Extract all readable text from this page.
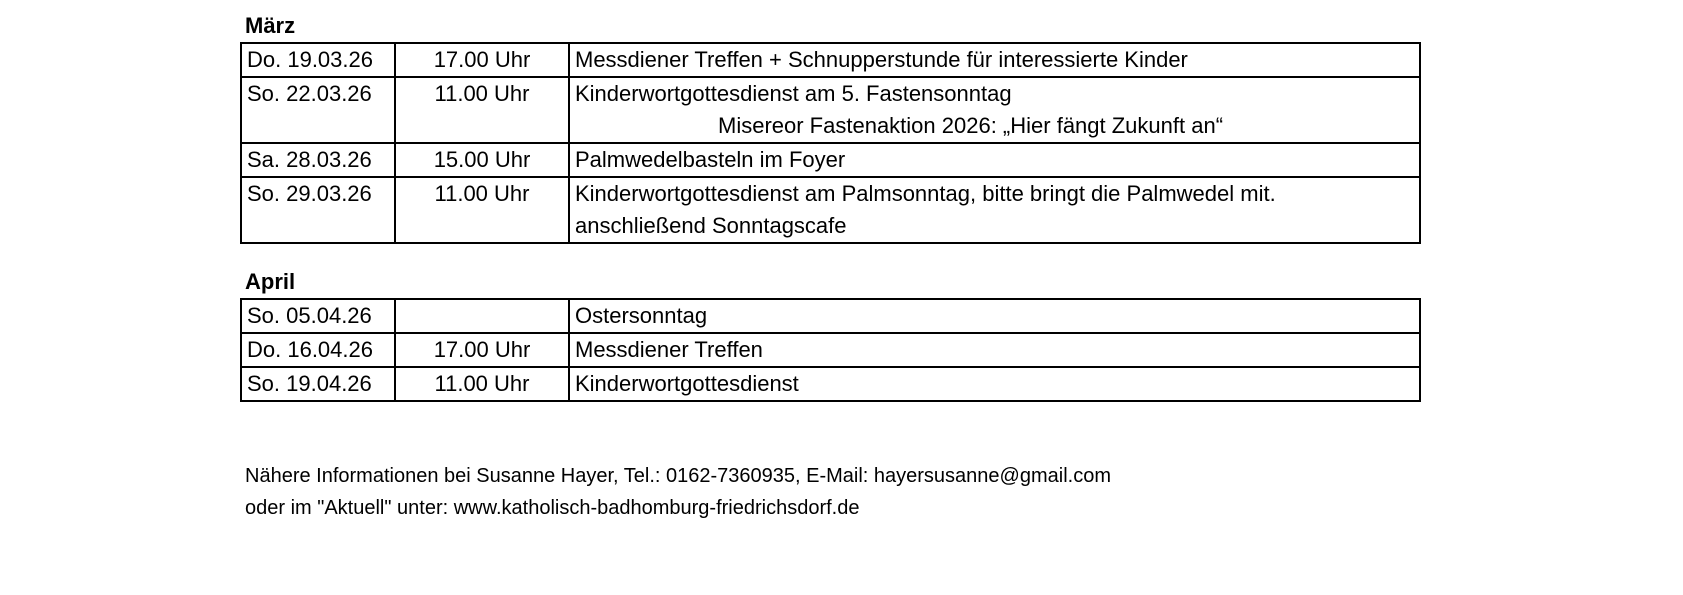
März
Do. 19.03.26	17.00 Uhr	Messdiener Treffen + Schnupperstunde für interessierte Kinder

So. 22.03.26	11.00 Uhr	Kinderwortgottesdienst am 5. Fastensonntag
Misereor Fastenaktion 2026: „Hier fängt Zukunft an“

Sa. 28.03.26	15.00 Uhr	Palmwedelbasteln im Foyer

So. 29.03.26	11.00 Uhr	Kinderwortgottesdienst am Palmsonntag, bitte bringt die Palmwedel mit.
anschließend Sonntagscafe
April
So. 05.04.26		Ostersonntag

Do. 16.04.26	17.00 Uhr	Messdiener Treffen

So. 19.04.26	11.00 Uhr	Kinderwortgottesdienst
Nähere Informationen bei Susanne Hayer, Tel.: 0162-7360935, E-Mail: hayersusanne@gmail.com
oder im "Aktuell" unter: www.katholisch-badhomburg-friedrichsdorf.de
